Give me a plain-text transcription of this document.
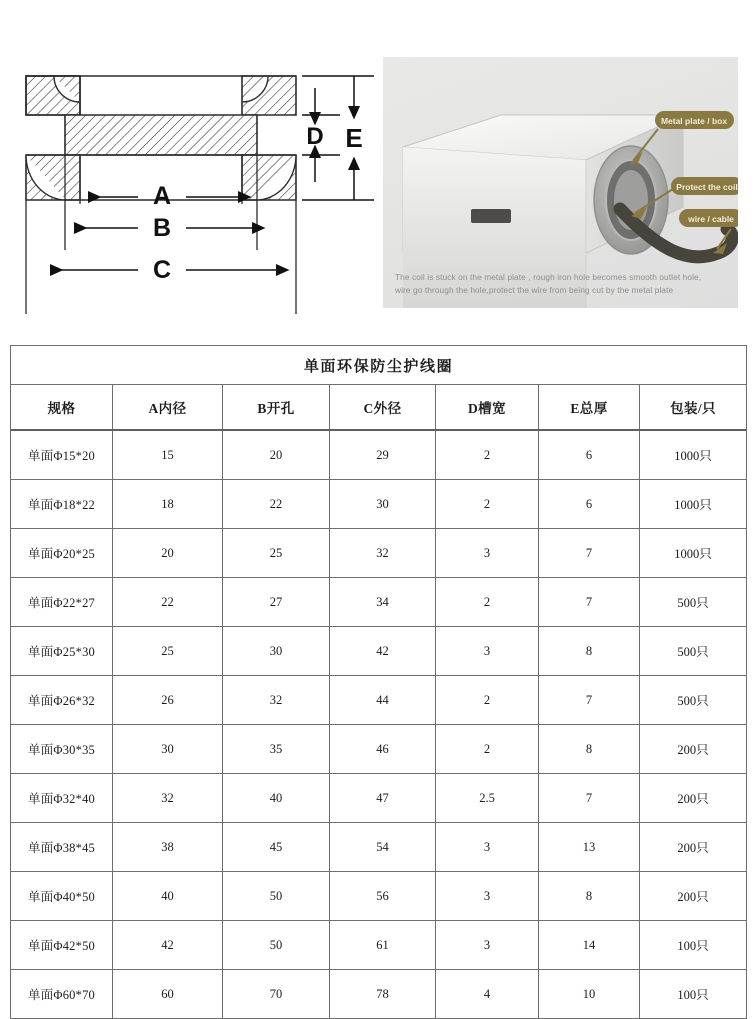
A
B
C
D E
Metal plate / box
Protect the coil
wire / cable
The coil is stuck on the metal plate , rough iron hole becomes smooth outlet hole, wire go through the hole,protect the wire from being cut by the metal plate
单面环保防尘护线圈						
规格	A内径	B开孔	C外径	D槽宽	E总厚	包装/只
单面Φ15*20	15	20	29	2	6	1000只
单面Φ18*22	18	22	30	2	6	1000只
单面Φ20*25	20	25	32	3	7	1000只
单面Φ22*27	22	27	34	2	7	500只
单面Φ25*30	25	30	42	3	8	500只
单面Φ26*32	26	32	44	2	7	500只
单面Φ30*35	30	35	46	2	8	200只
单面Φ32*40	32	40	47	2.5	7	200只
单面Φ38*45	38	45	54	3	13	200只
单面Φ40*50	40	50	56	3	8	200只
单面Φ42*50	42	50	61	3	14	100只
单面Φ60*70	60	70	78	4	10	100只
